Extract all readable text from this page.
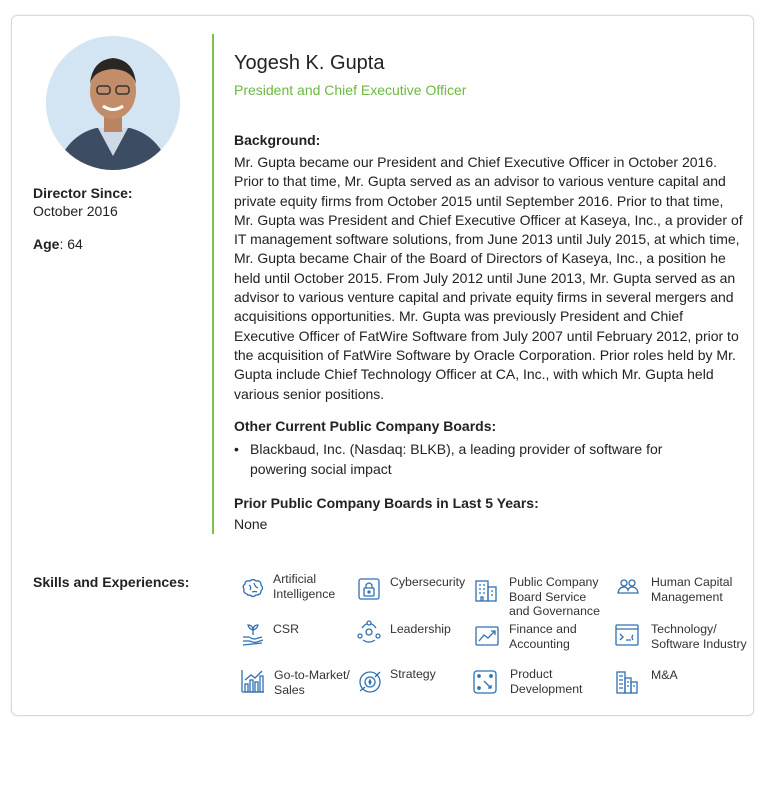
Director Since:
October 2016
Age: 64
Yogesh K. Gupta
President and Chief Executive Officer
Background:
Mr. Gupta became our President and Chief Executive Officer in October 2016. Prior to that time, Mr. Gupta served as an advisor to various venture capital and private equity firms from October 2015 until September 2016. Prior to that time, Mr. Gupta was President and Chief Executive Officer at Kaseya, Inc., a provider of IT management software solutions, from June 2013 until July 2015, at which time, Mr. Gupta became Chair of the Board of Directors of Kaseya, Inc., a position he held until October 2015. From July 2012 until June 2013, Mr. Gupta served as an advisor to various venture capital and private equity firms in several mergers and acquisitions opportunities. Mr. Gupta was previously President and Chief Executive Officer of FatWire Software from July 2007 until February 2012, prior to the acquisition of FatWire Software by Oracle Corporation. Prior roles held by Mr. Gupta include Chief Technology Officer at CA, Inc., with which Mr. Gupta held various senior positions.
Other Current Public Company Boards:
• Blackbaud, Inc. (Nasdaq: BLKB), a leading provider of software for powering social impact
Prior Public Company Boards in Last 5 Years:
None
Skills and Experiences:	Artificial Intelligence
Cybersecurity	Public Company Board Service and Governance
Human Capital Management
CSR	Leadership	Finance and Accounting
Technology/ Software Industry
Go-to-Market/ Sales
Strategy	Product Development
M&A
